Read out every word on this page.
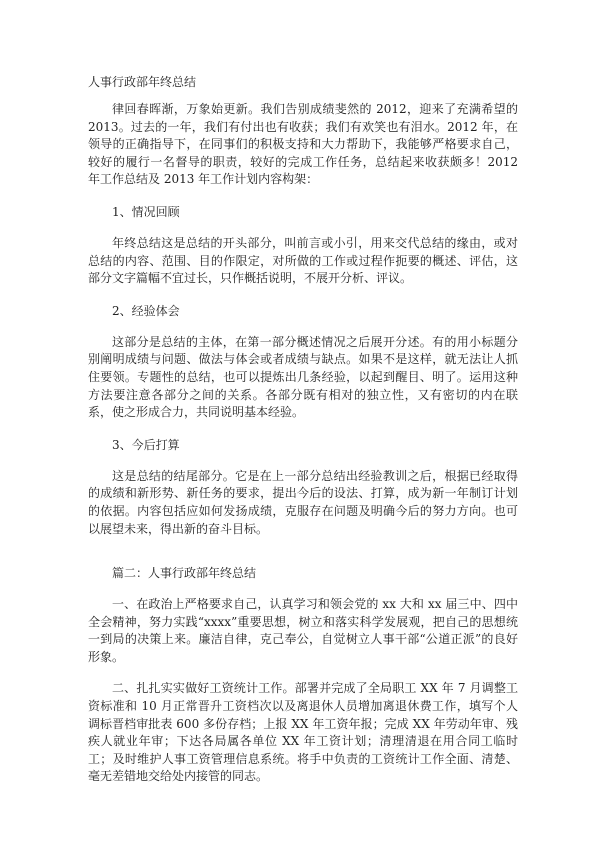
人事行政部年终总结

律回春晖渐，万象始更新。我们告别成绩斐然的 2012，迎来了充满希望的 2013。过去的一年，我们有付出也有收获；我们有欢笑也有泪水。2012 年，在领导的正确指导下，在同事们的积极支持和大力帮助下，我能够严格要求自己，较好的履行一名督导的职责，较好的完成工作任务，总结起来收获颇多！2012 年工作总结及 2013 年工作计划内容构架：

1、情况回顾

年终总结这是总结的开头部分，叫前言或小引，用来交代总结的缘由，或对总结的内容、范围、目的作限定，对所做的工作或过程作扼要的概述、评估，这部分文字篇幅不宜过长，只作概括说明，不展开分析、评议。

2、经验体会

这部分是总结的主体，在第一部分概述情况之后展开分述。有的用小标题分别阐明成绩与问题、做法与体会或者成绩与缺点。如果不是这样，就无法让人抓住要领。专题性的总结，也可以提炼出几条经验，以起到醒目、明了。运用这种方法要注意各部分之间的关系。各部分既有相对的独立性，又有密切的内在联系，使之形成合力，共同说明基本经验。

3、今后打算

这是总结的结尾部分。它是在上一部分总结出经验教训之后，根据已经取得的成绩和新形势、新任务的要求，提出今后的设法、打算，成为新一年制订计划的依据。内容包括应如何发扬成绩，克服存在问题及明确今后的努力方向。也可以展望未来，得出新的奋斗目标。

篇二：人事行政部年终总结

一、在政治上严格要求自己，认真学习和领会党的 xx 大和 xx 届三中、四中全会精神，努力实践“xxxx”重要思想，树立和落实科学发展观，把自己的思想统一到局的决策上来。廉洁自律，克己奉公，自觉树立人事干部“公道正派”的良好形象。

二、扎扎实实做好工资统计工作。部署并完成了全局职工 XX 年 7 月调整工资标准和 10 月正常晋升工资档次以及离退休人员增加离退休费工作，填写个人调标晋档审批表 600 多份存档；上报 XX 年工资年报；完成 XX 年劳动年审、残疾人就业年审；下达各局属各单位 XX 年工资计划；清理清退在用合同工临时工；及时维护人事工资管理信息系统。将手中负责的工资统计工作全面、清楚、毫无差错地交给处内接管的同志。
